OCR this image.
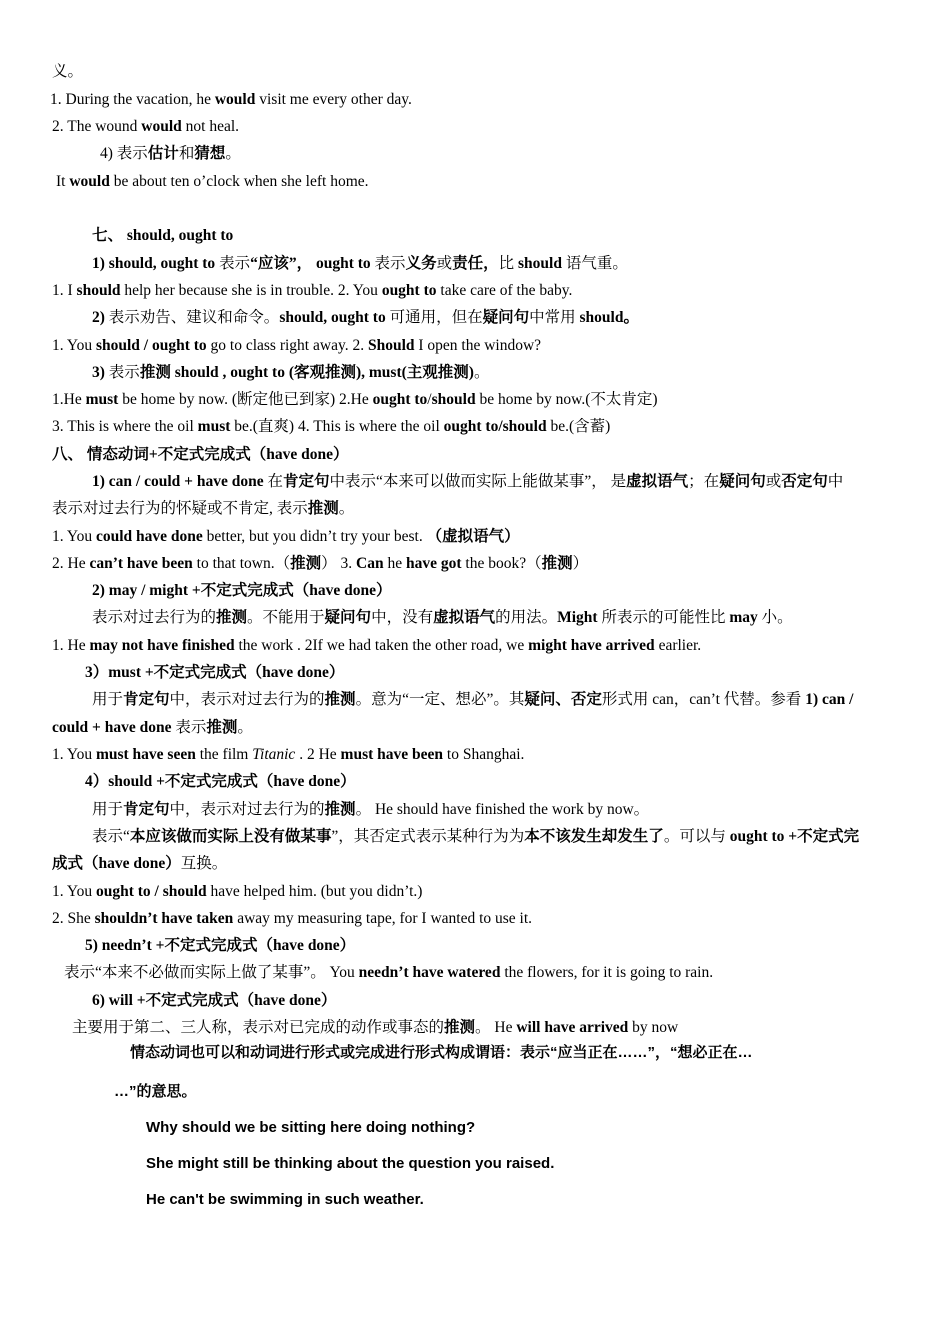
义。
1. During the vacation, he would visit me every other day.
2. The wound would not heal.
4) 表示估计和猜想。
It would be about ten o’clock when she left home.
七、 should, ought to
1) should, ought to 表示“应该”， ought to 表示义务或责任，比 should 语气重。
1. I should help her because she is in trouble. 2. You ought to take care of the baby.
2) 表示劝告、建议和命令。should, ought to 可通用，但在疑问句中常用 should。
1. You should / ought to go to class right away. 2. Should I open the window?
3) 表示推测 should , ought to (客观推测), must(主观推测)。
1.He must be home by now. (断定他已到家) 2.He ought to/should be home by now.(不太肯定)
3. This is where the oil must be.(直爽) 4. This is where the oil ought to/should be.(含蓄)
八、 情态动词+不定式完成式（have done）
1) can / could + have done 在肯定句中表示“本来可以做而实际上能做某事”， 是虚拟语气；在疑问句或否定句中
表示对过去行为的怀疑或不肯定, 表示推测。
1. You could have done better, but you didn’t try your best. （虚拟语气）
2. He can’t have been to that town.（推测） 3. Can he have got the book?（推测）
2) may / might +不定式完成式（have done）
表示对过去行为的推测。不能用于疑问句中，没有虚拟语气的用法。Might 所表示的可能性比 may 小。
1. He may not have finished the work . 2If we had taken the other road, we might have arrived earlier.
3）must +不定式完成式（have done）
用于肯定句中，表示对过去行为的推测。意为“一定、想必”。其疑问、否定形式用 can，can’t 代替。参看 1) can /
could + have done 表示推测。
1. You must have seen the film Titanic . 2 He must have been to Shanghai.
4）should +不定式完成式（have done）
用于肯定句中，表示对过去行为的推测。 He should have finished the work by now。
表示“本应该做而实际上没有做某事”，其否定式表示某种行为为本不该发生却发生了。可以与 ought to +不定式完
成式（have done）互换。
1. You ought to / should have helped him. (but you didn’t.)
2. She shouldn’t have taken away my measuring tape, for I wanted to use it.
5) needn’t +不定式完成式（have done）
表示“本来不必做而实际上做了某事”。 You needn’t have watered the flowers, for it is going to rain.
6) will +不定式完成式（have done）
主要用于第二、三人称，表示对已完成的动作或事态的推测。 He will have arrived by now
情态动词也可以和动词进行形式或完成进行形式构成谓语：表示“应当正在……”，“想必正在…
…”的意思。
Why should we be sitting here doing nothing?
She might still be thinking about the question you raised.
He can't be swimming in such weather.
